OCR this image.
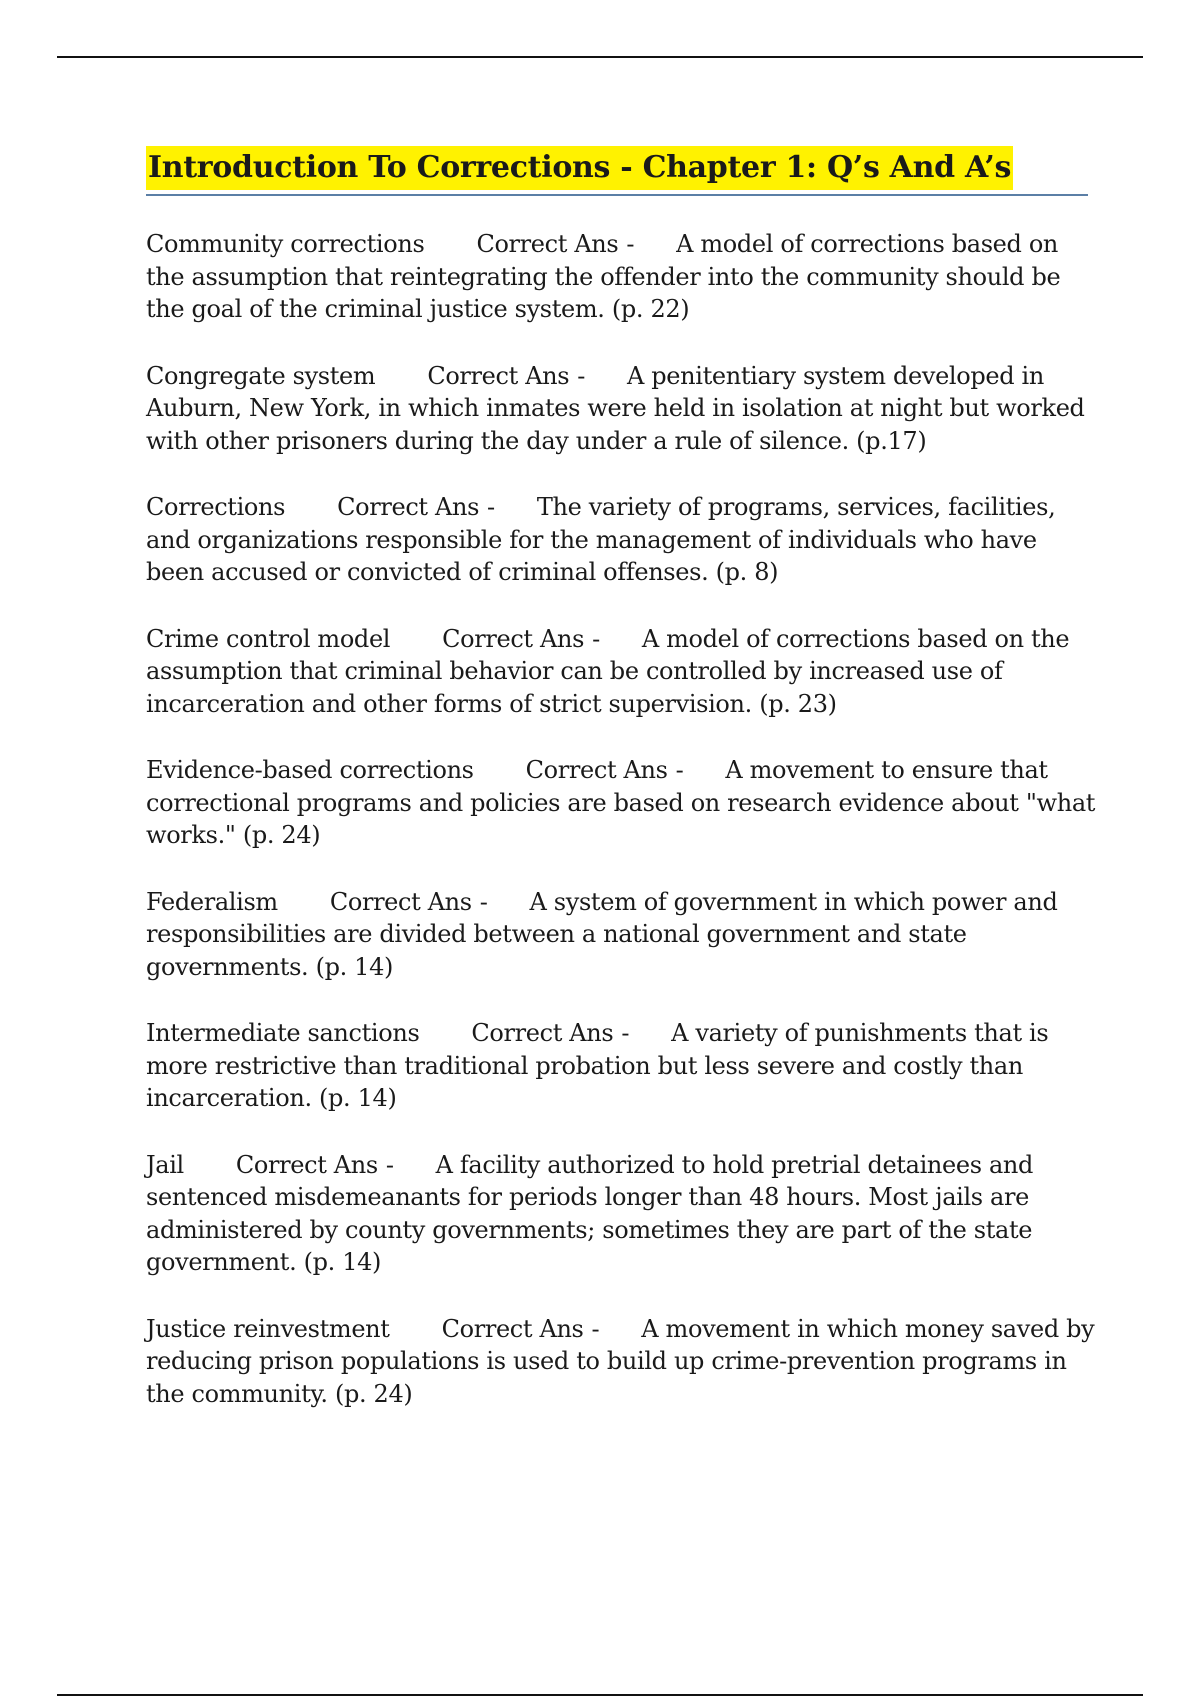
Introduction To Corrections - Chapter 1: Q’s And A’s

Community corrections Correct Ans - A model of corrections based on the assumption that reintegrating the offender into the community should be the goal of the criminal justice system. (p. 22)

Congregate system Correct Ans - A penitentiary system developed in Auburn, New York, in which inmates were held in isolation at night but worked with other prisoners during the day under a rule of silence. (p.17)

Corrections Correct Ans - The variety of programs, services, facilities, and organizations responsible for the management of individuals who have been accused or convicted of criminal offenses. (p. 8)

Crime control model Correct Ans - A model of corrections based on the assumption that criminal behavior can be controlled by increased use of incarceration and other forms of strict supervision. (p. 23)

Evidence-based corrections Correct Ans - A movement to ensure that correctional programs and policies are based on research evidence about "what works." (p. 24)

Federalism Correct Ans - A system of government in which power and responsibilities are divided between a national government and state governments. (p. 14)

Intermediate sanctions Correct Ans - A variety of punishments that is more restrictive than traditional probation but less severe and costly than incarceration. (p. 14)

Jail Correct Ans - A facility authorized to hold pretrial detainees and sentenced misdemeanants for periods longer than 48 hours. Most jails are administered by county governments; sometimes they are part of the state government. (p. 14)

Justice reinvestment Correct Ans - A movement in which money saved by reducing prison populations is used to build up crime-prevention programs in the community. (p. 24)
